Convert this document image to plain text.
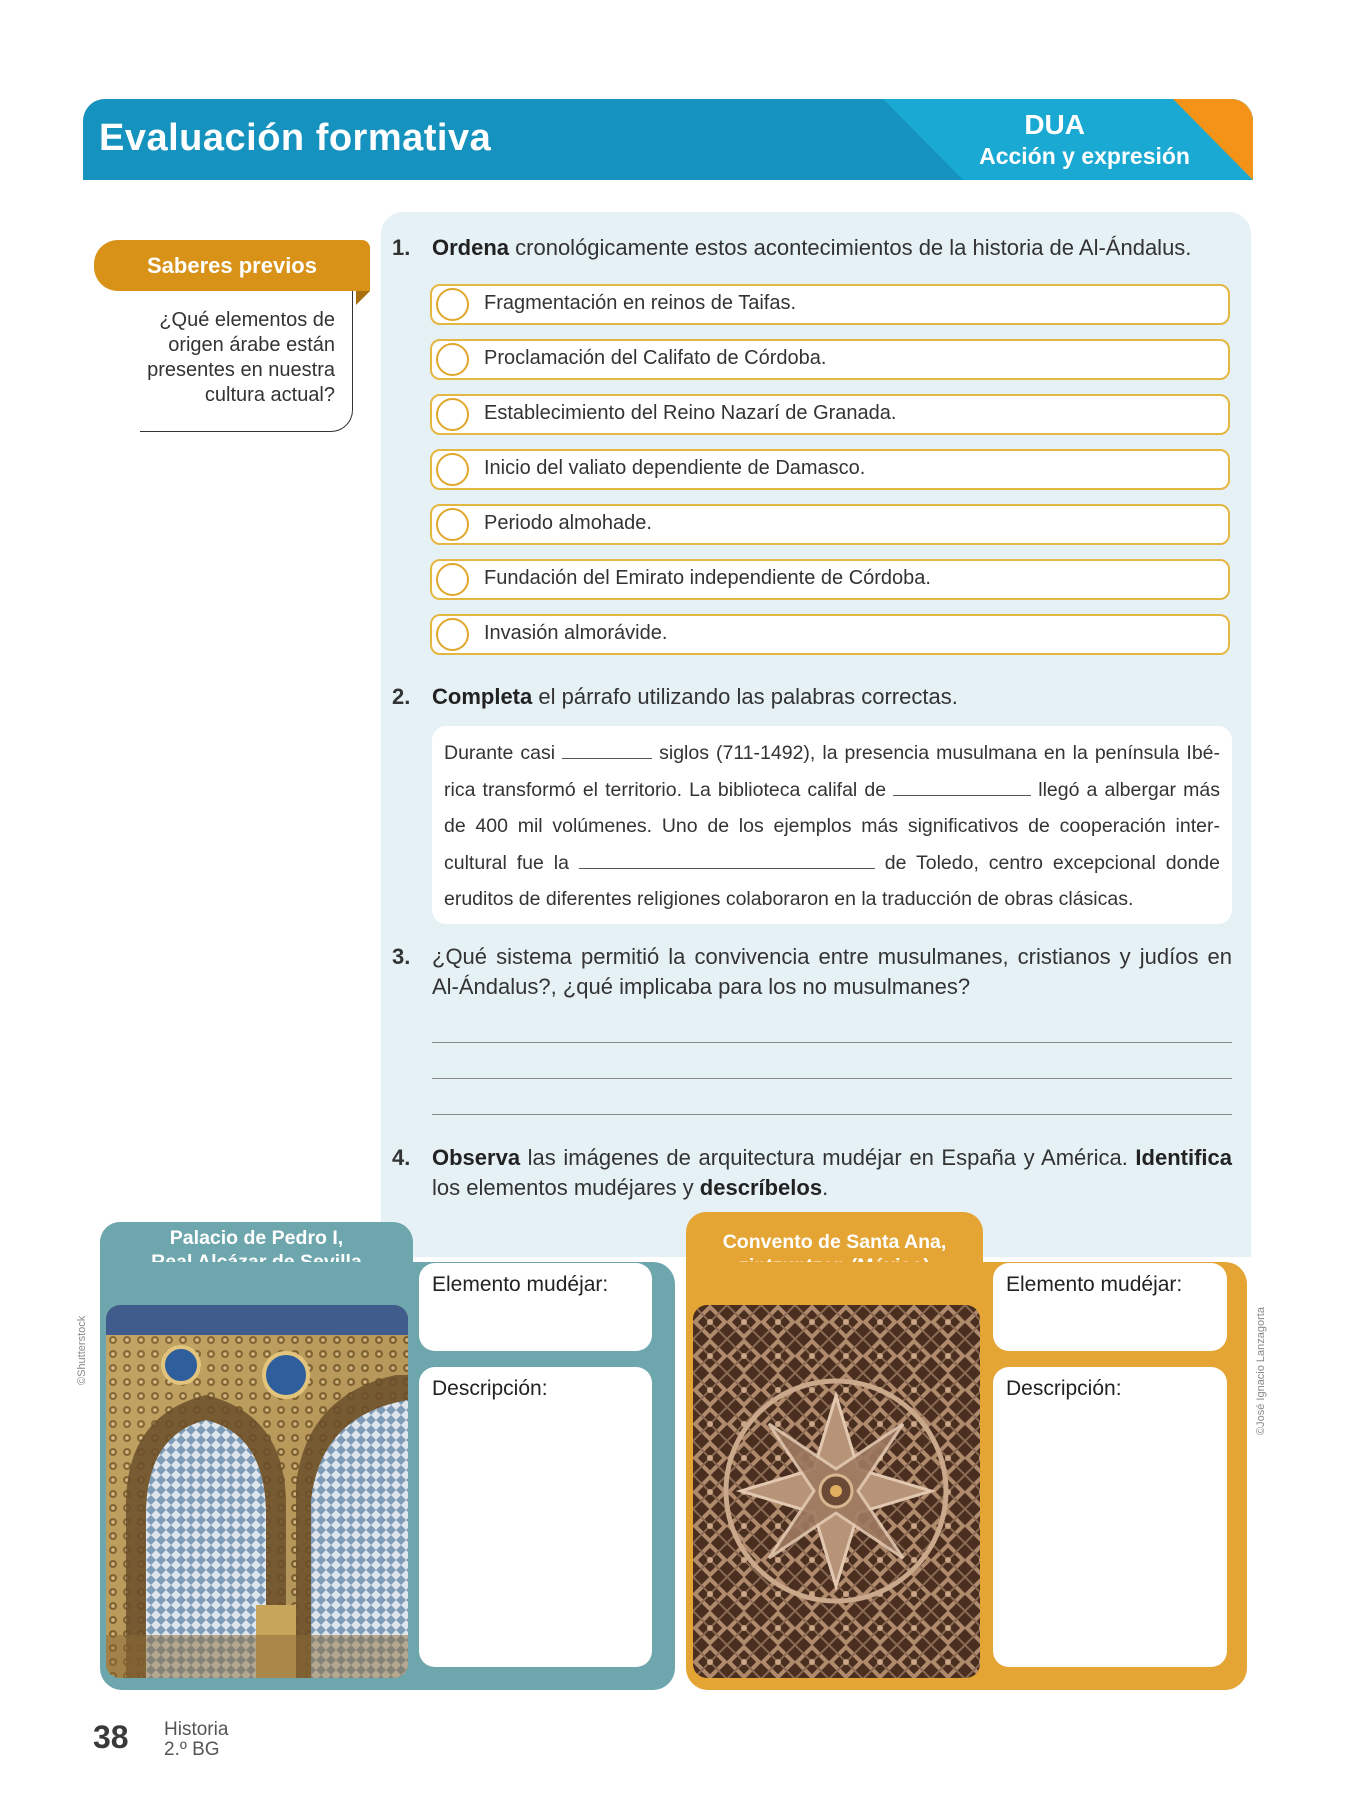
Evaluación formativa	DUA
Acción y expresión
Saberes previos
¿Qué elementos de origen árabe están presentes en nuestra cultura actual?
1. Ordena cronológicamente estos acontecimientos de la historia de Al-Ándalus.
Fragmentación en reinos de Taifas.
Proclamación del Califato de Córdoba.
Establecimiento del Reino Nazarí de Granada.
Inicio del valiato dependiente de Damasco.
Periodo almohade.
Fundación del Emirato independiente de Córdoba.
Invasión almorávide.
2. Completa el párrafo utilizando las palabras correctas.
Durante casi	siglos (711-1492), la presencia musulmana en la península Ibé-rica transformó el territorio. La biblioteca califal de	llegó a albergar más de 400 mil volúmenes. Uno de los ejemplos más significativos de cooperación inter-cultural fue la	de Toledo, centro excepcional donde eruditos de diferentes religiones colaboraron en la traducción de obras clásicas.
3. ¿Qué sistema permitió la convivencia entre musulmanes, cristianos y judíos en Al-Ándalus?, ¿qué implicaba para los no musulmanes?
4. Observa las imágenes de arquitectura mudéjar en España y América. Identifica los elementos mudéjares y descríbelos.
Palacio de Pedro I,
Elemento mudéjar:
Descripción:
©Shutterstock
Convento de Santa Ana,
Elemento mudéjar:
Descripción:	©José Ignacio Lanzagorta
38 Historia
2.º BG
